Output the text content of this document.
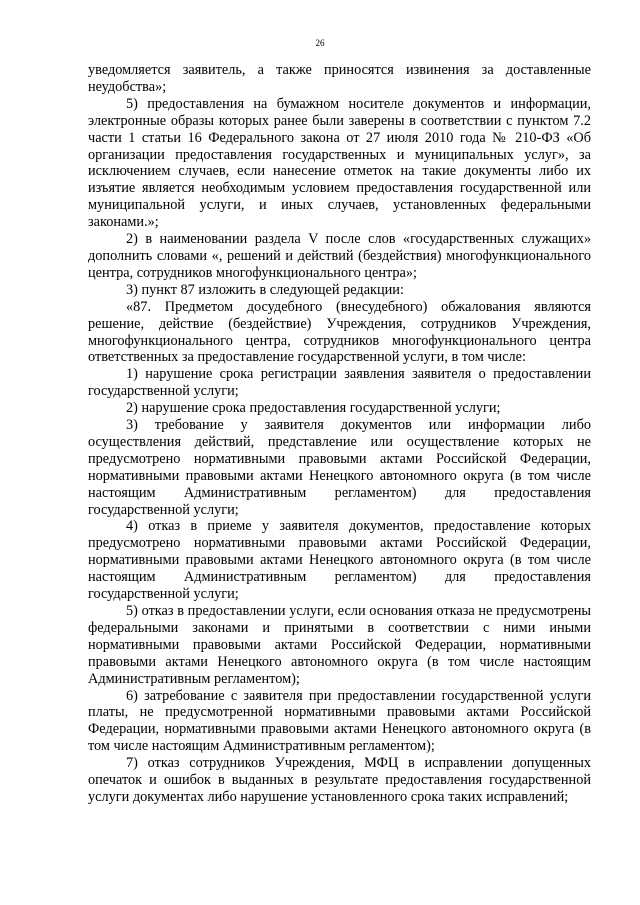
26

уведомляется заявитель, а также приносятся извинения за доставленные неудобства»;

5) предоставления на бумажном носителе документов и информации, электронные образы которых ранее были заверены в соответствии с пунктом 7.2 части 1 статьи 16 Федерального закона от 27 июля 2010 года № 210-ФЗ «Об организации предоставления государственных и муниципальных услуг», за исключением случаев, если нанесение отметок на такие документы либо их изъятие является необходимым условием предоставления государственной или муниципальной услуги, и иных случаев, установленных федеральными законами.»;

2) в наименовании раздела V после слов «государственных служащих» дополнить словами «, решений и действий (бездействия) многофункционального центра, сотрудников многофункционального центра»;

3) пункт 87 изложить в следующей редакции:

«87. Предметом досудебного (внесудебного) обжалования являются решение, действие (бездействие) Учреждения, сотрудников Учреждения, многофункционального центра, сотрудников многофункционального центра ответственных за предоставление государственной услуги, в том числе:

1) нарушение срока регистрации заявления заявителя о предоставлении государственной услуги;

2) нарушение срока предоставления государственной услуги;

3) требование у заявителя документов или информации либо осуществления действий, представление или осуществление которых не предусмотрено нормативными правовыми актами Российской Федерации, нормативными правовыми актами Ненецкого автономного округа (в том числе настоящим Административным регламентом) для предоставления государственной услуги;

4) отказ в приеме у заявителя документов, предоставление которых предусмотрено нормативными правовыми актами Российской Федерации, нормативными правовыми актами Ненецкого автономного округа (в том числе настоящим Административным регламентом) для предоставления государственной услуги;

5) отказ в предоставлении услуги, если основания отказа не предусмотрены федеральными законами и принятыми в соответствии с ними иными нормативными правовыми актами Российской Федерации, нормативными правовыми актами Ненецкого автономного округа (в том числе настоящим Административным регламентом);

6) затребование с заявителя при предоставлении государственной услуги платы, не предусмотренной нормативными правовыми актами Российской Федерации, нормативными правовыми актами Ненецкого автономного округа (в том числе настоящим Административным регламентом);

7) отказ сотрудников Учреждения, МФЦ в исправлении допущенных опечаток и ошибок в выданных в результате предоставления государственной услуги документах либо нарушение установленного срока таких исправлений;
